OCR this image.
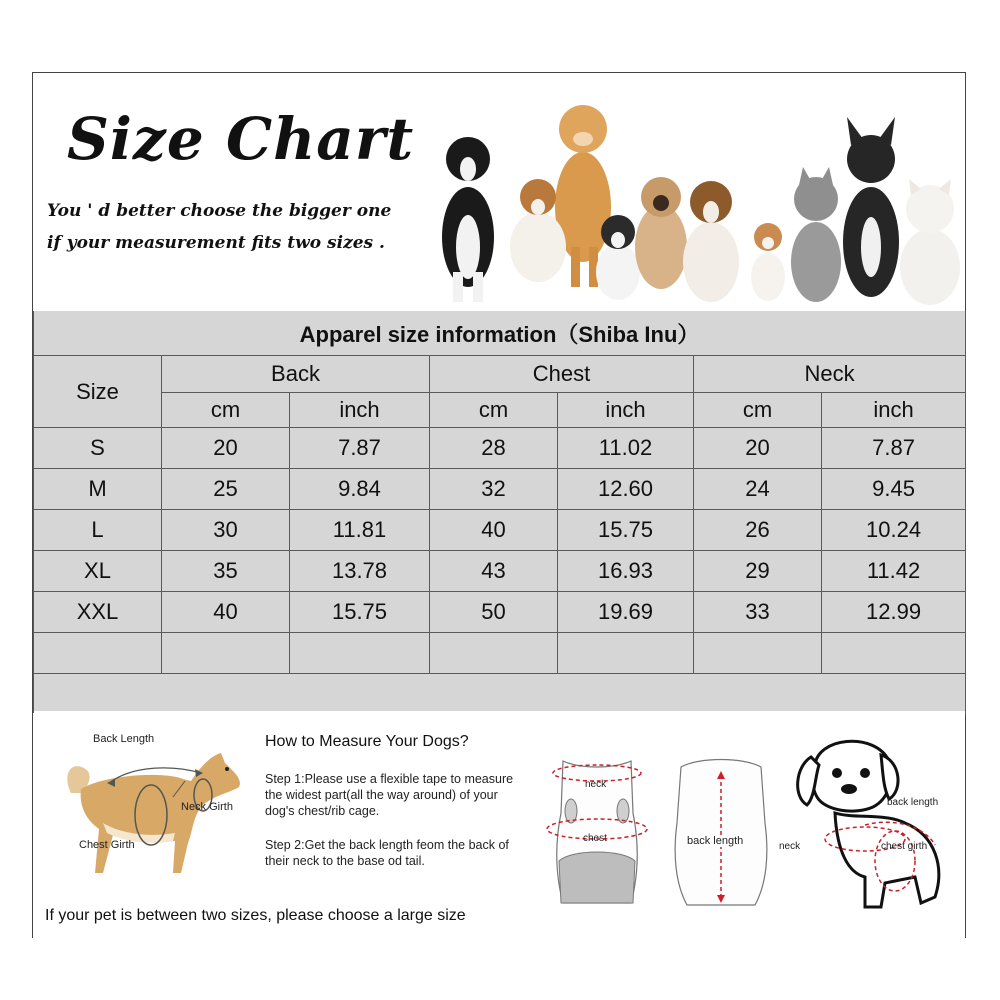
Size Chart
You ' d better choose the bigger one
if your measurement fits two sizes .
Apparel size information（Shiba Inu）						
Size	Back		Chest		Neck	
	cm	inch	cm	inch	cm	inch
S	20	7.87	28	11.02	20	7.87
M	25	9.84	32	12.60	24	9.45
L	30	11.81	40	15.75	26	10.24
XL	35	13.78	43	16.93	29	11.42
XXL	40	15.75	50	19.69	33	12.99

Back Length
Neck Girth
Chest Girth
How to Measure Your Dogs?
Step 1:Please use a flexible tape to measure the widest part(all the way around) of your dog's chest/rib cage.
Step 2:Get the back length feom the back of their neck to the base od tail.
neck
chest	back length
back length
neck	chest girth
If your pet is between two sizes, please choose a large size
